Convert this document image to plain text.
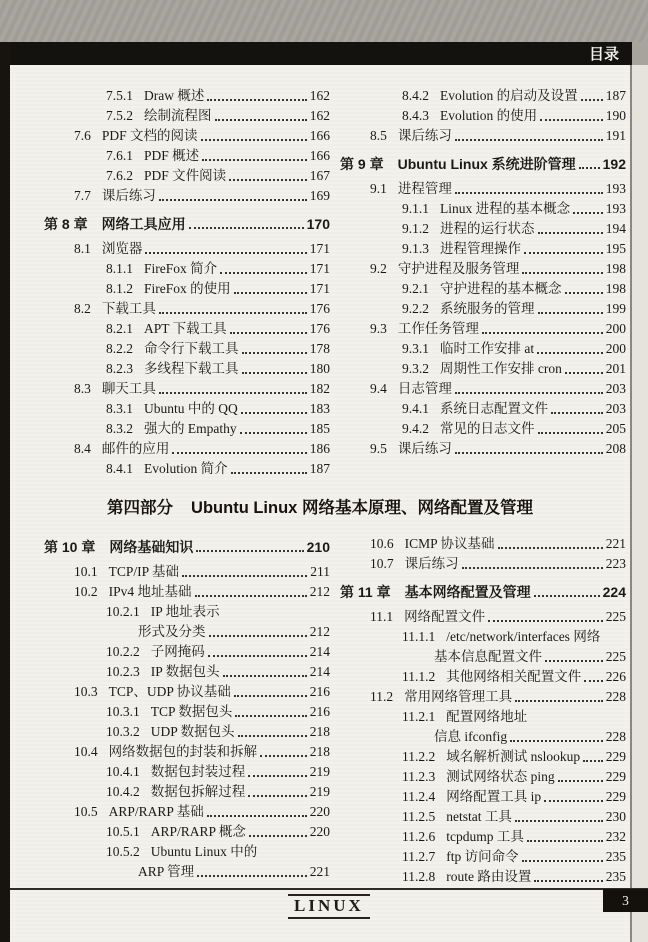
目录
7.5.1 Draw 概述	162
7.5.2 绘制流程图	162
7.6 PDF 文档的阅读	166
7.6.1 PDF 概述	166
7.6.2 PDF 文件阅读	167
7.7 课后练习	169
第 8 章 网络工具应用	170
8.1 浏览器	171
8.1.1 FireFox 简介	171
8.1.2 FireFox 的使用	171
8.2 下载工具	176
8.2.1 APT 下载工具	176
8.2.2 命令行下载工具	178
8.2.3 多线程下载工具	180
8.3 聊天工具	182
8.3.1 Ubuntu 中的 QQ	183
8.3.2 强大的 Empathy	185
8.4 邮件的应用	186
8.4.1 Evolution 简介	187
8.4.2 Evolution 的启动及设置 187
8.4.3 Evolution 的使用	190
8.5 课后练习	191
第 9 章 Ubuntu Linux 系统进阶管理 192
9.1 进程管理	193
9.1.1 Linux 进程的基本概念	193
9.1.2 进程的运行状态	194
9.1.3 进程管理操作	195
9.2 守护进程及服务管理	198
9.2.1 守护进程的基本概念	198
9.2.2 系统服务的管理	199
9.3 工作任务管理	200
9.3.1 临时工作安排 at	200
9.3.2 周期性工作安排 cron	201
9.4 日志管理	203
9.4.1 系统日志配置文件	203
9.4.2 常见的日志文件	205
9.5 课后练习	208
第四部分 Ubuntu Linux 网络基本原理、网络配置及管理
第 10 章 网络基础知识	210
10.1 TCP/IP 基础	211
10.2 IPv4 地址基础	212
10.2.1 IP 地址表示
形式及分类	212
10.2.2 子网掩码	214
10.2.3 IP 数据包头	214
10.3 TCP、UDP 协议基础	216
10.3.1 TCP 数据包头	216
10.3.2 UDP 数据包头	218
10.4 网络数据包的封装和拆解	218
10.4.1 数据包封装过程	219
10.4.2 数据包拆解过程	219
10.5 ARP/RARP 基础	220
10.5.1 ARP/RARP 概念	220
10.5.2 Ubuntu Linux 中的
ARP 管理	221
10.6 ICMP 协议基础	221
10.7 课后练习	223
第 11 章 基本网络配置及管理	224
11.1 网络配置文件	225
11.1.1 /etc/network/interfaces 网络
基本信息配置文件	225
11.1.2 其他网络相关配置文件 226
11.2 常用网络管理工具	228
11.2.1 配置网络地址
信息 ifconfig	228
11.2.2 域名解析测试 nslookup 229
11.2.3 测试网络状态 ping	229
11.2.4 网络配置工具 ip	229
11.2.5 netstat 工具	230
11.2.6 tcpdump 工具	232
11.2.7 ftp 访问命令	235
11.2.8 route 路由设置	235
LINUX	3
